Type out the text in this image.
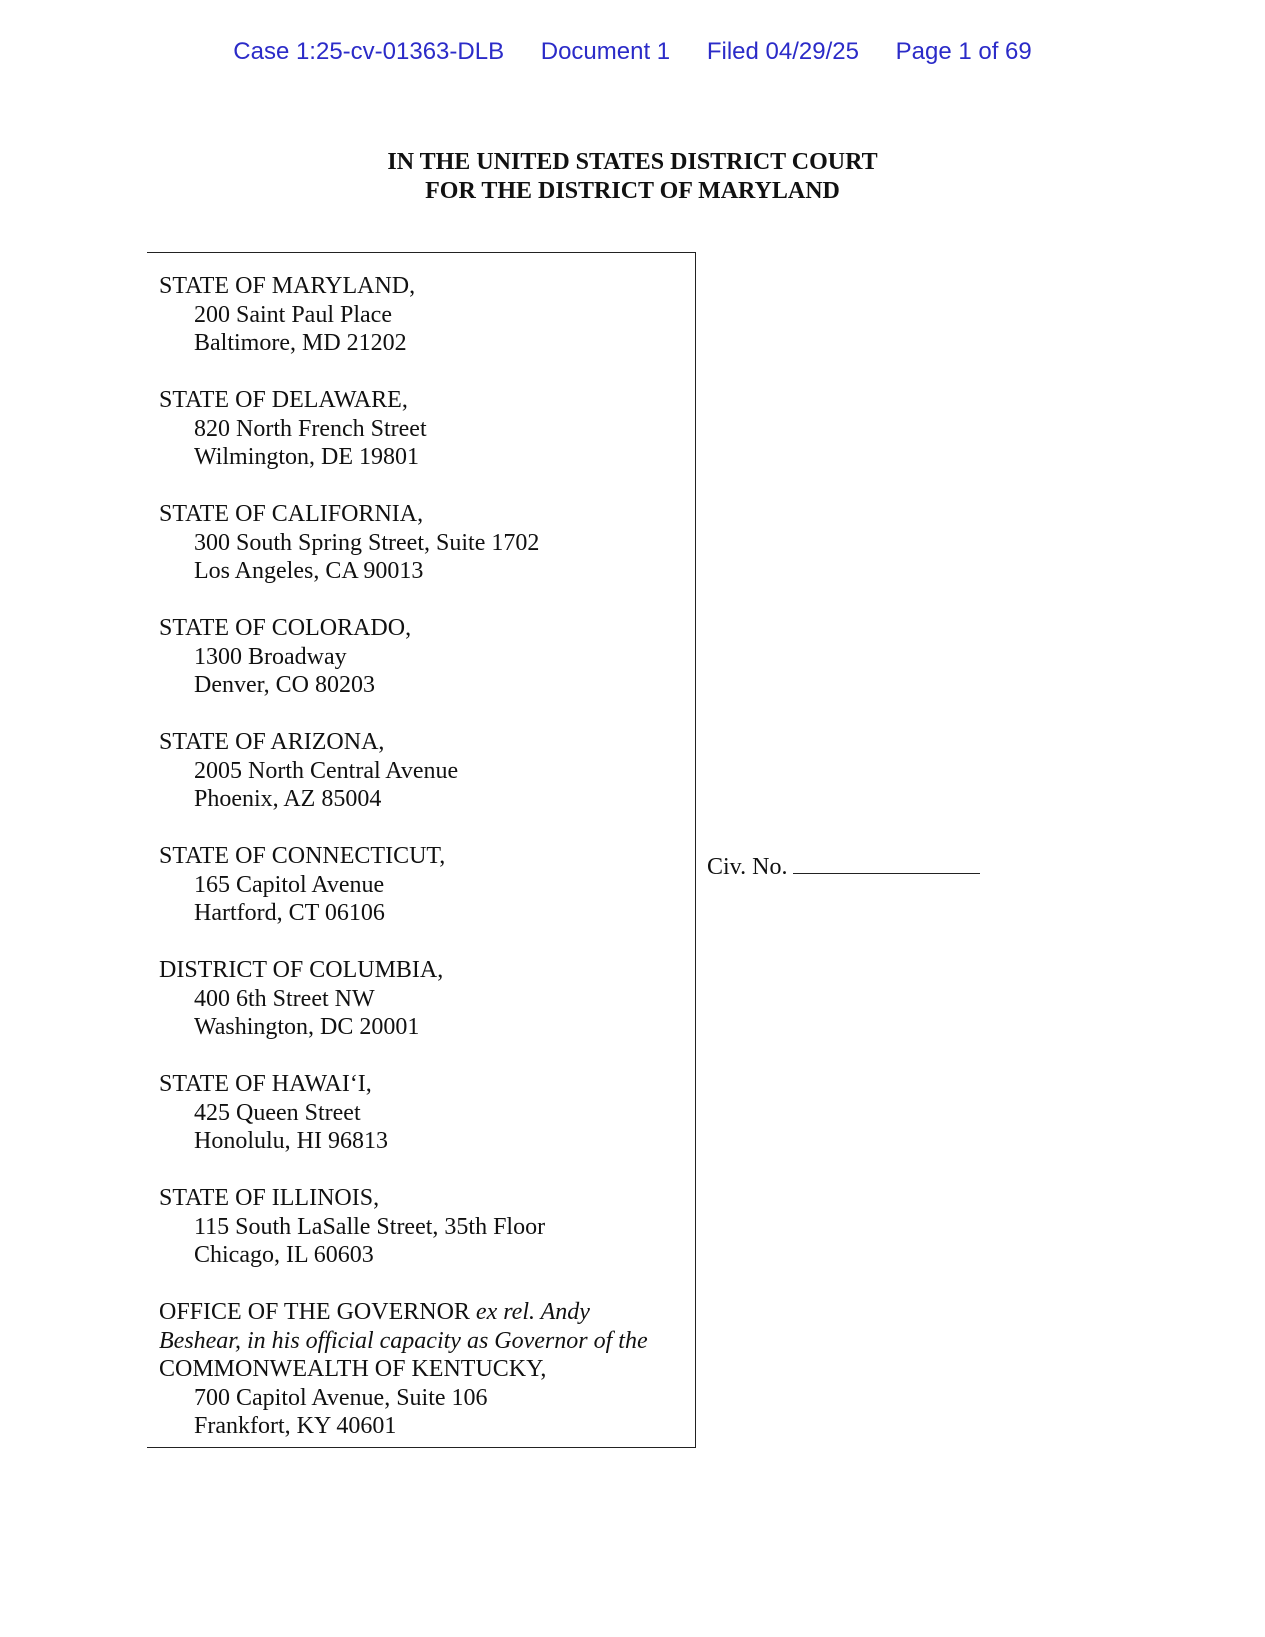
Case 1:25-cv-01363-DLB Document 1 Filed 04/29/25 Page 1 of 69
IN THE UNITED STATES DISTRICT COURT
FOR THE DISTRICT OF MARYLAND
STATE OF MARYLAND,
200 Saint Paul Place
Baltimore, MD 21202
STATE OF DELAWARE,
820 North French Street
Wilmington, DE 19801
STATE OF CALIFORNIA,
300 South Spring Street, Suite 1702
Los Angeles, CA 90013
STATE OF COLORADO,
1300 Broadway
Denver, CO 80203
STATE OF ARIZONA,
2005 North Central Avenue
Phoenix, AZ 85004
STATE OF CONNECTICUT,
165 Capitol Avenue
Hartford, CT 06106
DISTRICT OF COLUMBIA,
400 6th Street NW
Washington, DC 20001
STATE OF HAWAI‘I,
425 Queen Street
Honolulu, HI 96813
STATE OF ILLINOIS,
115 South LaSalle Street, 35th Floor
Chicago, IL 60603
OFFICE OF THE GOVERNOR ex rel. Andy
Beshear, in his official capacity as Governor of the
COMMONWEALTH OF KENTUCKY,
700 Capitol Avenue, Suite 106
Frankfort, KY 40601
Civ. No.
